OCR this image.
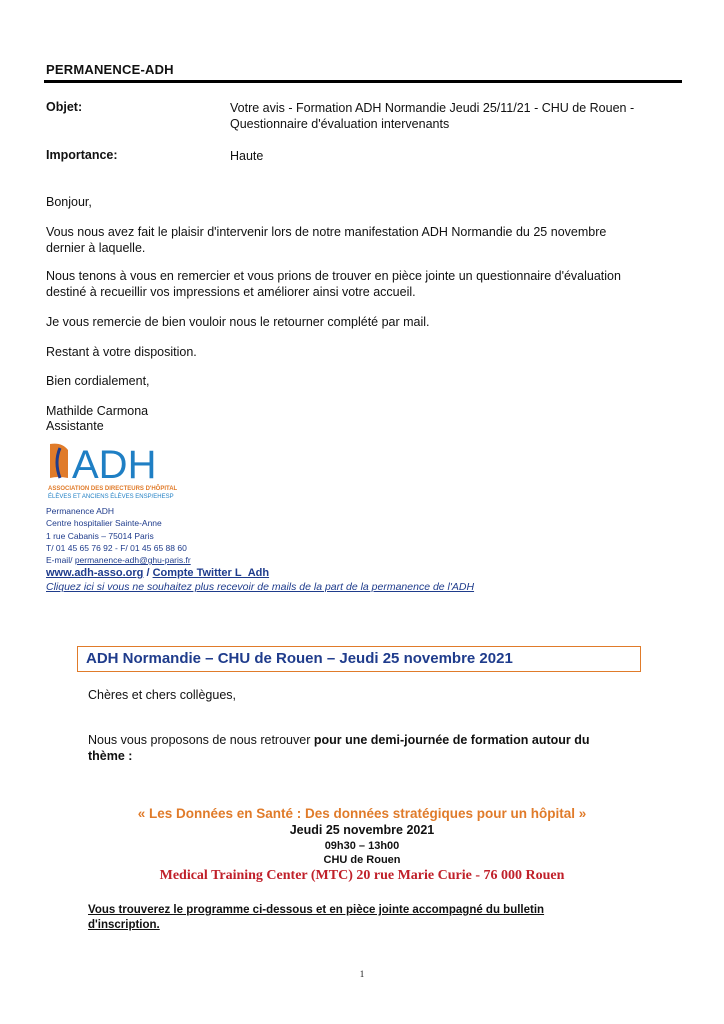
PERMANENCE-ADH
Objet:	Votre avis - Formation ADH Normandie Jeudi 25/11/21 - CHU de Rouen -
Questionnaire d'évaluation intervenants
Importance:	Haute
Bonjour,
Vous nous avez fait le plaisir d'intervenir lors de notre manifestation ADH Normandie du 25 novembre
dernier à laquelle.
Nous tenons à vous en remercier et vous prions de trouver en pièce jointe un questionnaire d'évaluation
destiné à recueillir vos impressions et améliorer ainsi votre accueil.
Je vous remercie de bien vouloir nous le retourner complété par mail.
Restant à votre disposition.
Bien cordialement,
Mathilde Carmona
Assistante
ADH
ASSOCIATION DES DIRECTEURS D'HÔPITAL
ÉLÈVES ET ANCIENS ÉLÈVES ENSP/EHESP
Permanence ADH
Centre hospitalier Sainte-Anne
1 rue Cabanis – 75014 Paris
T/ 01 45 65 76 92 - F/ 01 45 65 88 60
E-mail/ permanence-adh@ghu-paris.fr
www.adh-asso.org / Compte Twitter L_Adh
Cliquez ici si vous ne souhaitez plus recevoir de mails de la part de la permanence de l'ADH
ADH Normandie – CHU de Rouen – Jeudi 25 novembre 2021
Chères et chers collègues,
Nous vous proposons de nous retrouver pour une demi-journée de formation autour du
thème :
« Les Données en Santé : Des données stratégiques pour un hôpital »
Jeudi 25 novembre 2021
09h30 – 13h00
CHU de Rouen
Medical Training Center (MTC) 20 rue Marie Curie - 76 000 Rouen
Vous trouverez le programme ci-dessous et en pièce jointe accompagné du bulletin
d'inscription.
1
